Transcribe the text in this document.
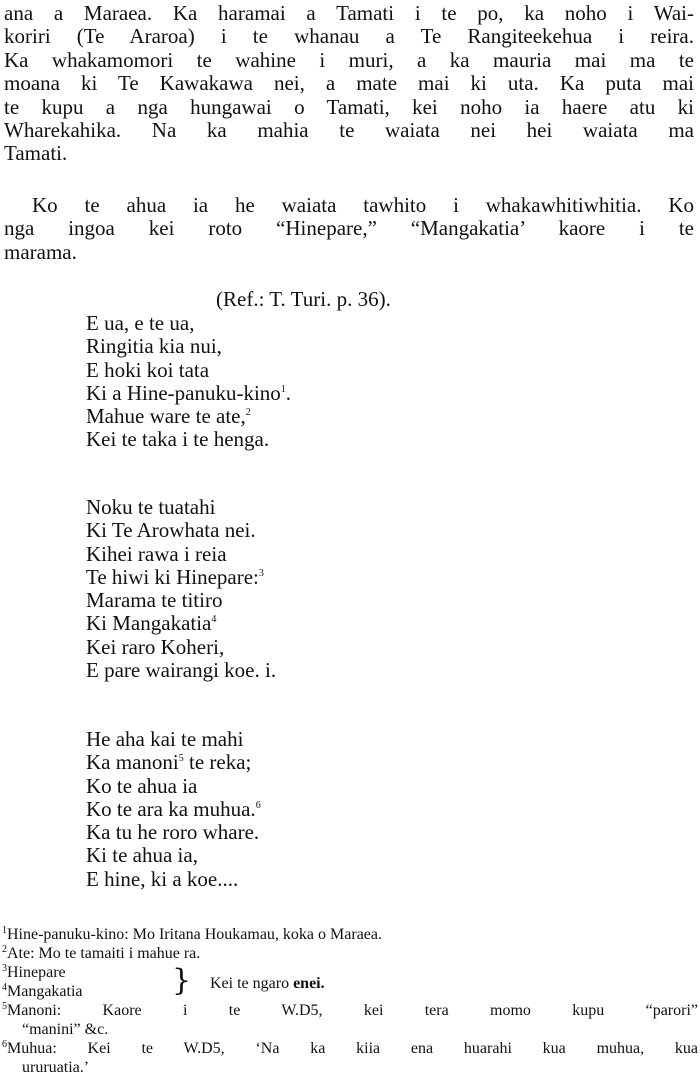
ana a Maraea. Ka haramai a Tamati i te po, ka noho i Wai-
koriri (Te Araroa) i te whanau a Te Rangiteekehua i reira.
Ka whakamomori te wahine i muri, a ka mauria mai ma te
moana ki Te Kawakawa nei, a mate mai ki uta. Ka puta mai
te kupu a nga hungawai o Tamati, kei noho ia haere atu ki
Wharekahika. Na ka mahia te waiata nei hei waiata ma
Tamati.

Ko te ahua ia he waiata tawhito i whakawhitiwhitia. Ko
nga ingoa kei roto “Hinepare,” “Mangakatia’ kaore i te
marama.

(Ref.: T. Turi. p. 36).
E ua, e te ua,
Ringitia kia nui,
E hoki koi tata
Ki a Hine-panuku-kino$^1$.
Mahue ware te ate,$^2$
Kei te taka i te henga.
Noku te tuatahi
Ki Te Arowhata nei.
Kihei rawa i reia
Te hiwi ki Hinepare:$^3$
Marama te titiro
Ki Mangakatia$^4$
Kei raro Koheri,
E pare wairangi koe. i.
He aha kai te mahi
Ka manoni$^5$ te reka;
Ko te ahua ia
Ko te ara ka muhua.$^6$
Ka tu he roro whare.
Ki te ahua ia,
E hine, ki a koe....
$^1$Hine-panuku-kino: Mo Iritana Houkamau, koka o Maraea.
$^2$Ate: Mo te tamaiti i mahue ra.
$^3$Hinepare
$^4$Mangakatia	} Kei te ngaro enei.
$^5$Manoni: Kaore i te W.D5, kei tera momo kupu “parori”
“manini” &c.
$^6$Muhua: Kei te W.D5, ‘Na ka kiia ena huarahi kua muhua, kua
ururuatia.’
